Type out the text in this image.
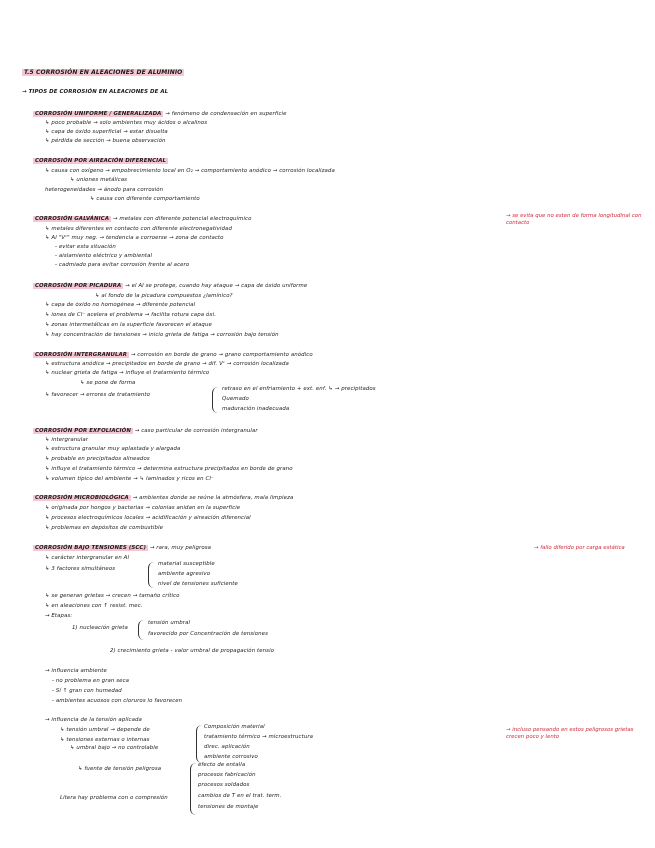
T.5 CORROSIÓN EN ALEACIONES DE ALUMINIO
→ TIPOS DE CORROSIÓN EN ALEACIONES DE AL
CORROSIÓN UNIFORME / GENERALIZADA → fenómeno de condensación en superficie
↳ poco probable → solo ambientes muy ácidos o alcalinos
↳ capa de óxido superficial → estar disuelta
↳ pérdida de sección → buena observación
CORROSIÓN POR AIREACIÓN DIFERENCIAL
↳ causa con oxígeno → empobrecimiento local en O₂ → comportamiento anódico → corrosión localizada
↳ uniones metálicas
heterogeneidades → ánodo para corrosión
↳ causa con diferente comportamiento
CORROSIÓN GALVÁNICA → metales con diferente potencial electroquímico
↳ metales diferentes en contacto con diferente electronegatividad
↳ Al "Vᶜ" muy neg. → tendencia a corroerse → zona de contacto
- evitar esta situación
- aislamiento eléctrico y ambiental
- cadmiado para evitar corrosión frente al acero
→ se evita que no esten de forma longitudinal con contacto
CORROSIÓN POR PICADURA → el Al se protege, cuando hay ataque → capa de óxido uniforme
↳ al fondo de la picadura compuestos ¿lamínico?
↳ capa de óxido no homogénea → diferente potencial
↳ iones de Cl⁻ acelera el problema → facilita rotura capa óxi.
↳ zonas intermetálicas en la superficie favorecen el ataque
↳ hay concentración de tensiones → inicio grieta de fatiga → corrosión bajo tensión
CORROSIÓN INTERGRANULAR → corrosión en borde de grano → grano comportamiento anódico
↳ estructura anódica → precipitados en borde de grano → dif. Vᶜ → corrosión localizada
↳ nuclear grieta de fatiga → influye el tratamiento térmico
↳ se pone de forma
↳ favorecer → errores de tratamiento
retraso en el enfriamiento + ext. enf. ↳ → precipitados
Quemado
maduración inadecuada
CORROSIÓN POR EXFOLIACIÓN → caso particular de corrosión intergranular
↳ intergranular
↳ estructura granular muy aplastada y alargada
↳ probable en precipitados alineados
↳ influye el tratamiento térmico → determina estructura precipitados en borde de grano
↳ volumen típico del ambiente → ↳ laminados y ricos en Cl⁻
CORROSIÓN MICROBIOLÓGICA → ambientes donde se reúne la atmósfera, mala limpieza
↳ originada por hongos y bacterias → colonias anidan en la superficie
↳ procesos electroquímicos locales → acidificación y aireación diferencial
↳ problemas en depósitos de combustible
CORROSIÓN BAJO TENSIONES (SCC) → rara, muy peligrosa	→ fallo diferido por carga estática
↳ carácter intergranular en Al
↳ 3 factores simultáneos
material susceptible
ambiente agresivo
nivel de tensiones suficiente
↳ se generan grietas → crecen → tamaño crítico
↳ en aleaciones con ↑ resist. mec.
→ Etapas:
1) nucleación grieta
tensión umbral
favorecido por Concentración de tensiones
2) crecimiento grieta - valor umbral de propagación tensio
→ influencia ambiente
- no problema en gran seca
- Sí ↑ gran con humedad
- ambientes acuosos con cloruros lo favorecen
→ influencia de la tensión aplicada
→ incluso pensando en estos peligrosos grietas crecen poco y lento
↳ tensión umbral → depende de
↳ tensiones externas o internas
↳ umbral bajo → no controlable
Composición material
tratamiento térmico → microestructura
direc. aplicación
ambiente corrosivo
↳ fuente de tensión peligrosa
efecto de entalla
procesos fabricación
procesos soldados
cambios de T en el trat. term.
tensiones de montaje
Litera hay problema con o compresión
